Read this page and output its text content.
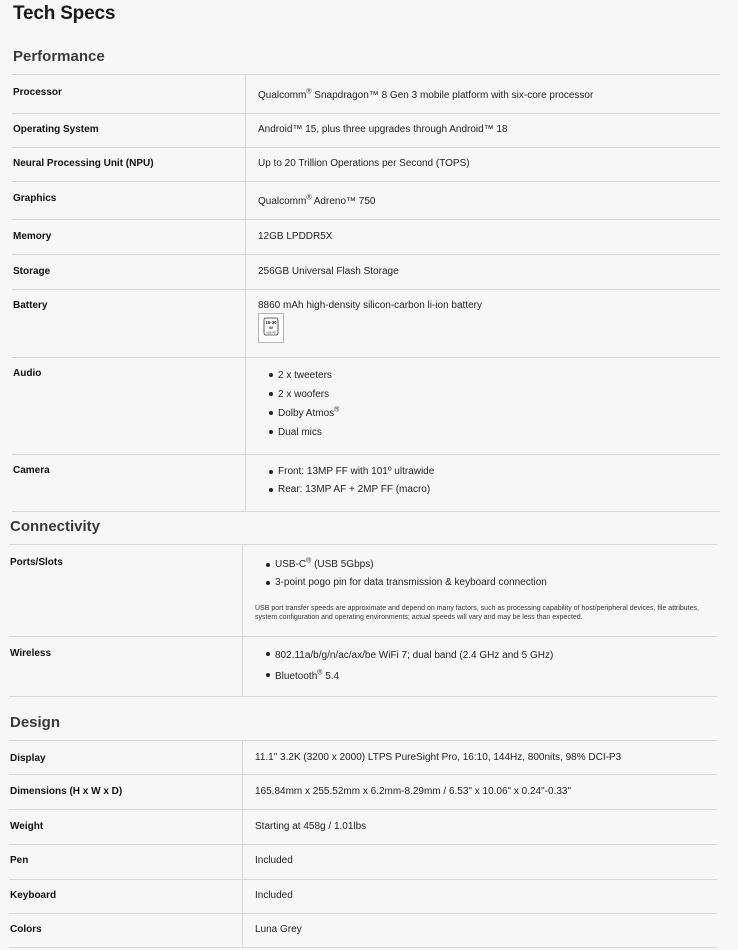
Tech Specs
Performance
Processor	Qualcomm® Snapdragon™ 8 Gen 3 mobile platform with six-core processor
Operating System	Android™ 15, plus three upgrades through Android™ 18
Neural Processing Unit (NPU)	Up to 20 Trillion Operations per Second (TOPS)
Graphics	Qualcomm® Adreno™ 750
Memory	12GB LPDDR5X
Storage	256GB Universal Flash Storage
Battery	8860 mAh high-density silicon-carbon li-ion battery
15-30
W
USB PD
Audio	2 x tweeters
2 x woofers
Dolby Atmos®
Dual mics
Camera	Front: 13MP FF with 101º ultrawide
Rear: 13MP AF + 2MP FF (macro)
Connectivity
Ports/Slots	USB-C® (USB 5Gbps)
3-point pogo pin for data transmission & keyboard connection
USB port transfer speeds are approximate and depend on many factors, such as processing capability of host/peripheral devices, file attributes, system configuration and operating environments; actual speeds will vary and may be less than expected.
Wireless	802.11a/b/g/n/ac/ax/be WiFi 7; dual band (2.4 GHz and 5 GHz)
Bluetooth® 5.4
Design
Display	11.1" 3.2K (3200 x 2000) LTPS PureSight Pro, 16:10, 144Hz, 800nits, 98% DCI-P3
Dimensions (H x W x D)	165.84mm x 255.52mm x 6.2mm-8.29mm / 6.53" x 10.06" x 0.24"-0.33"
Weight	Starting at 458g / 1.01lbs
Pen	Included
Keyboard	Included
Colors	Luna Grey
